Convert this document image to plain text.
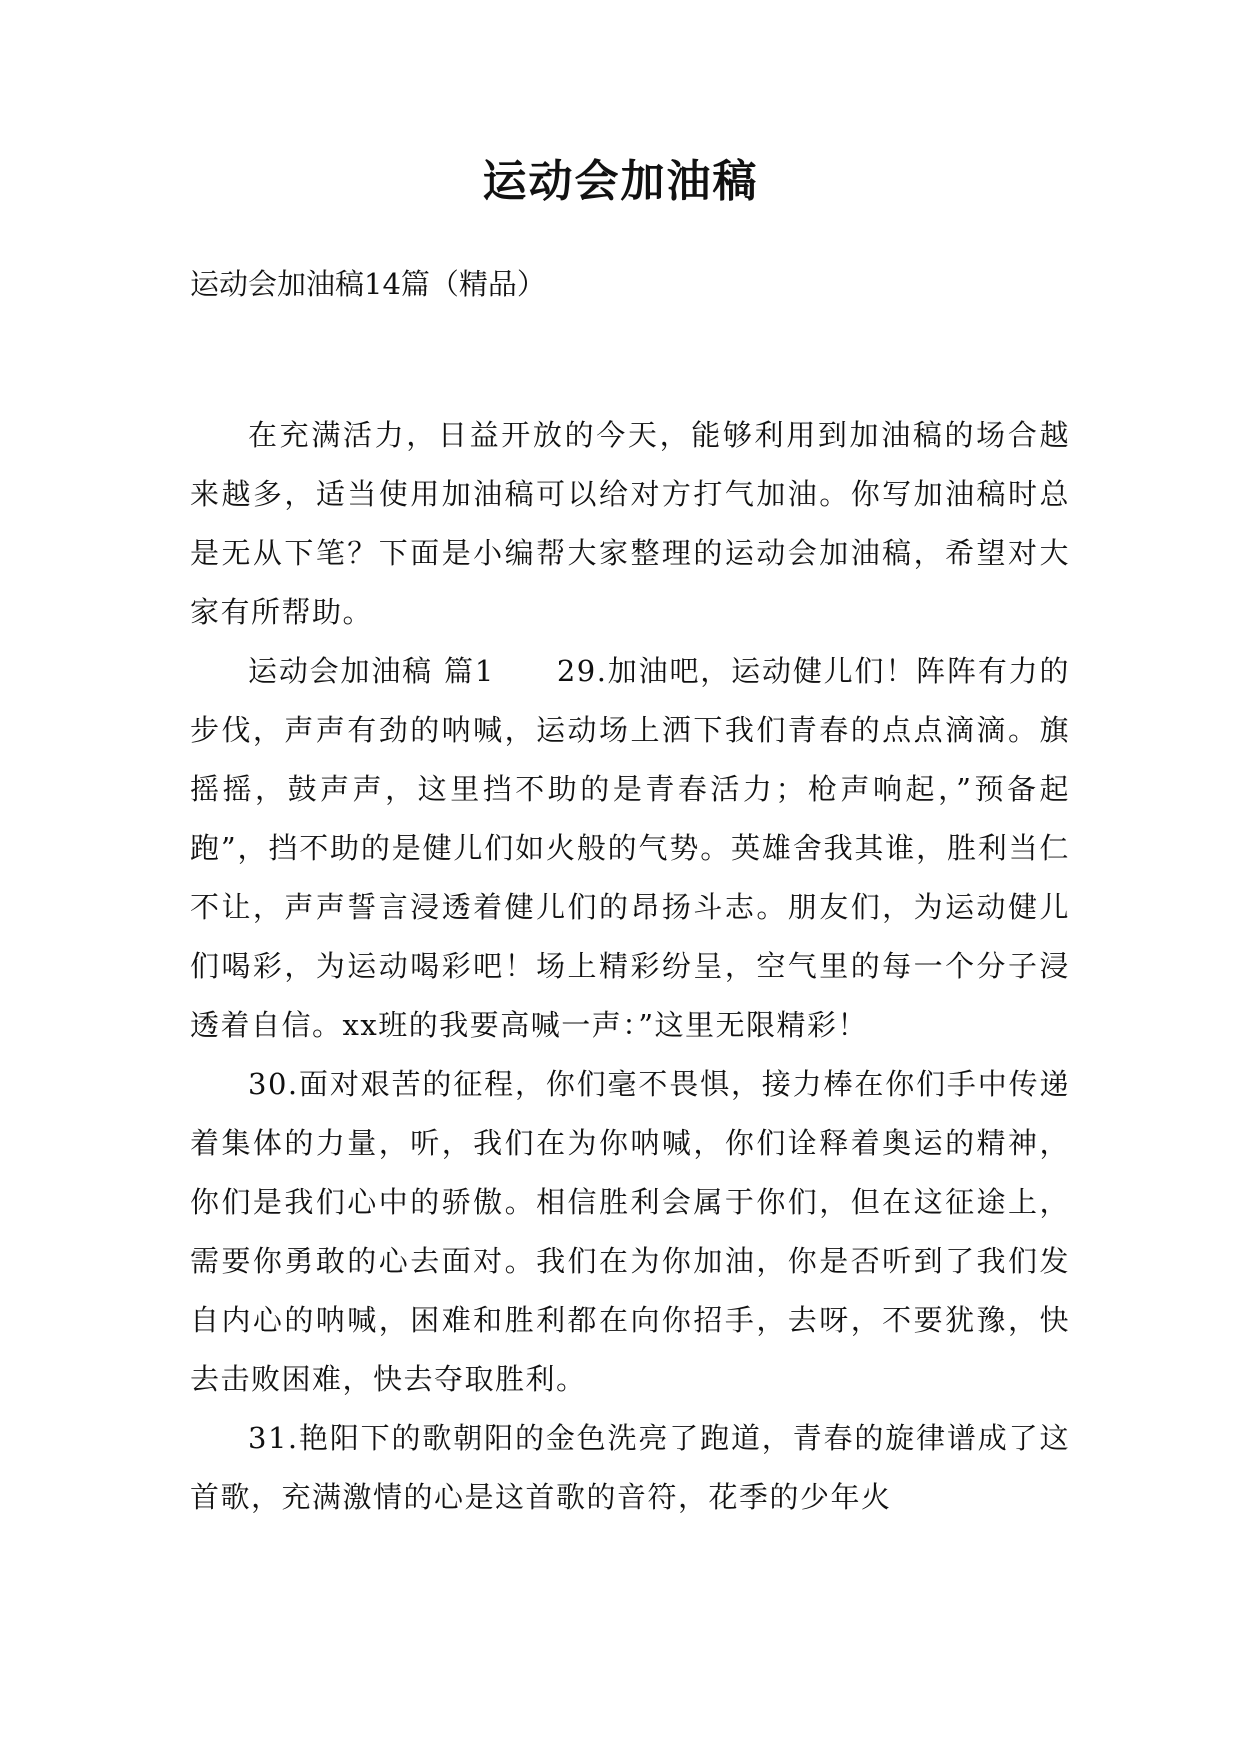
运动会加油稿

运动会加油稿14篇（精品）

在充满活力，日益开放的今天，能够利用到加油稿的场合越来越多，适当使用加油稿可以给对方打气加油。你写加油稿时总是无从下笔？下面是小编帮大家整理的运动会加油稿，希望对大家有所帮助。

运动会加油稿 篇1　　29.加油吧，运动健儿们！阵阵有力的步伐，声声有劲的呐喊，运动场上洒下我们青春的点点滴滴。旗摇摇，鼓声声，这里挡不助的是青春活力；枪声响起，”预备起跑”，挡不助的是健儿们如火般的气势。英雄舍我其谁，胜利当仁不让，声声誓言浸透着健儿们的昂扬斗志。朋友们，为运动健儿们喝彩，为运动喝彩吧！场上精彩纷呈，空气里的每一个分子浸透着自信。xx班的我要高喊一声：”这里无限精彩！

30.面对艰苦的征程，你们毫不畏惧，接力棒在你们手中传递着集体的力量，听，我们在为你呐喊，你们诠释着奥运的精神，你们是我们心中的骄傲。相信胜利会属于你们，但在这征途上，需要你勇敢的心去面对。我们在为你加油，你是否听到了我们发自内心的呐喊，困难和胜利都在向你招手，去呀，不要犹豫，快去击败困难，快去夺取胜利。

31.艳阳下的歌朝阳的金色洗亮了跑道，青春的旋律谱成了这首歌，充满激情的心是这首歌的音符，花季的少年火
